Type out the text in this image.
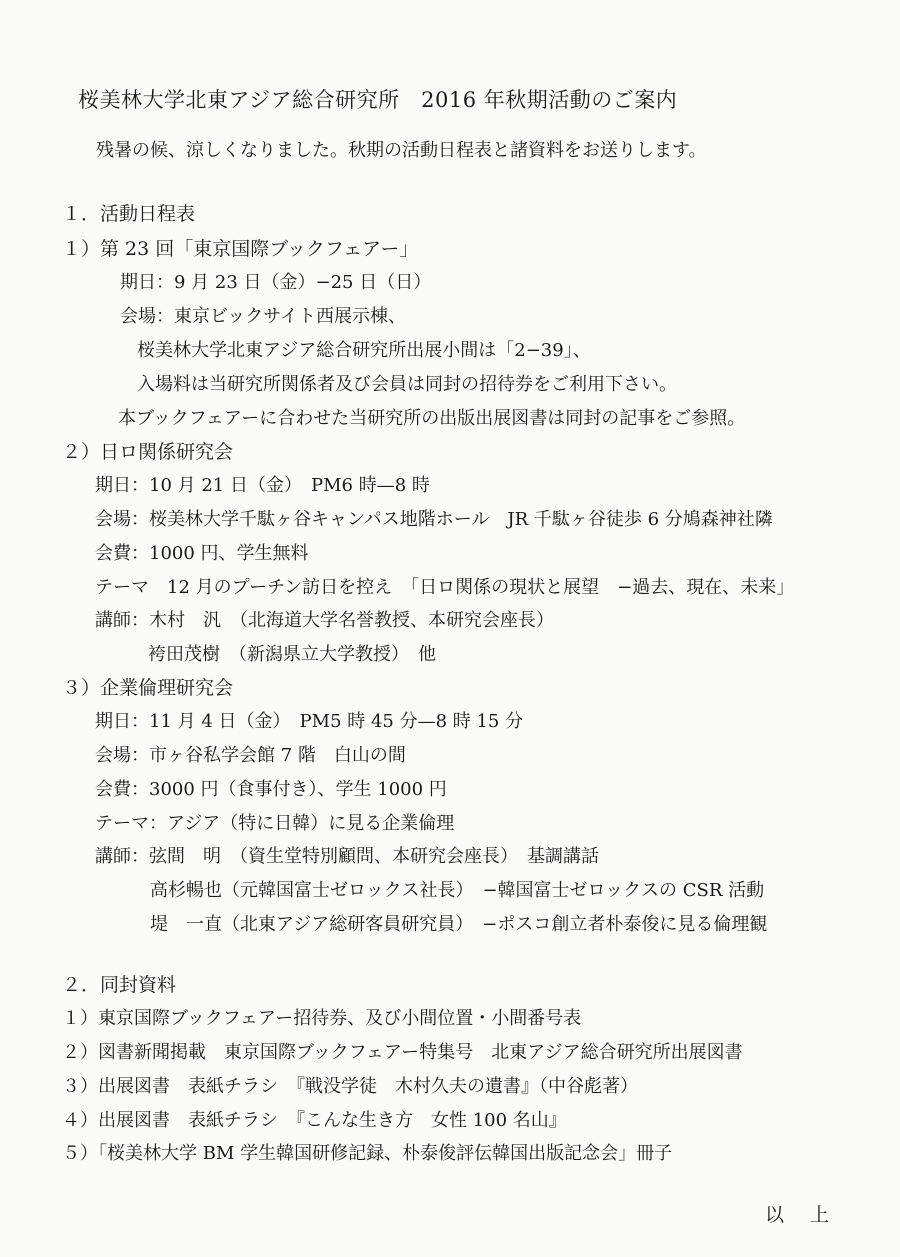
桜美林大学北東アジア総合研究所　2016 年秋期活動のご案内
残暑の候、涼しくなりました。秋期の活動日程表と諸資料をお送りします。
１．活動日程表
１）第 23 回「東京国際ブックフェアー」
期日：9 月 23 日（金）−25 日（日）
会場：東京ビックサイト西展示棟、
桜美林大学北東アジア総合研究所出展小間は「2−39」、
入場料は当研究所関係者及び会員は同封の招待券をご利用下さい。
本ブックフェアーに合わせた当研究所の出版出展図書は同封の記事をご参照。
２）日ロ関係研究会
期日：10 月 21 日（金）　PM6 時—8 時
会場：桜美林大学千駄ヶ谷キャンパス地階ホール　JR 千駄ヶ谷徒歩 6 分鳩森神社隣
会費：1000 円、学生無料
テーマ　12 月のプーチン訪日を控え　「日ロ関係の現状と展望　−過去、現在、未来」
講師：木村　汎　（北海道大学名誉教授、本研究会座長）
袴田茂樹　（新潟県立大学教授）　他
３）企業倫理研究会
期日：11 月 4 日（金）　PM5 時 45 分—8 時 15 分
会場：市ヶ谷私学会館 7 階　白山の間
会費：3000 円（食事付き）、学生 1000 円
テーマ：アジア（特に日韓）に見る企業倫理
講師：弦間　明　（資生堂特別顧問、本研究会座長）　基調講話
高杉暢也（元韓国富士ゼロックス社長）　−韓国富士ゼロックスの CSR 活動
堤　一直（北東アジア総研客員研究員）　−ポスコ創立者朴泰俊に見る倫理観
２．同封資料
１）東京国際ブックフェアー招待券、及び小間位置・小間番号表
２）図書新聞掲載　東京国際ブックフェアー特集号　北東アジア総合研究所出展図書
３）出展図書　表紙チラシ　『戦没学徒　木村久夫の遺書』（中谷彪著）
４）出展図書　表紙チラシ　『こんな生き方　女性 100 名山』
５）「桜美林大学 BM 学生韓国研修記録、朴泰俊評伝韓国出版記念会」冊子
以 上
